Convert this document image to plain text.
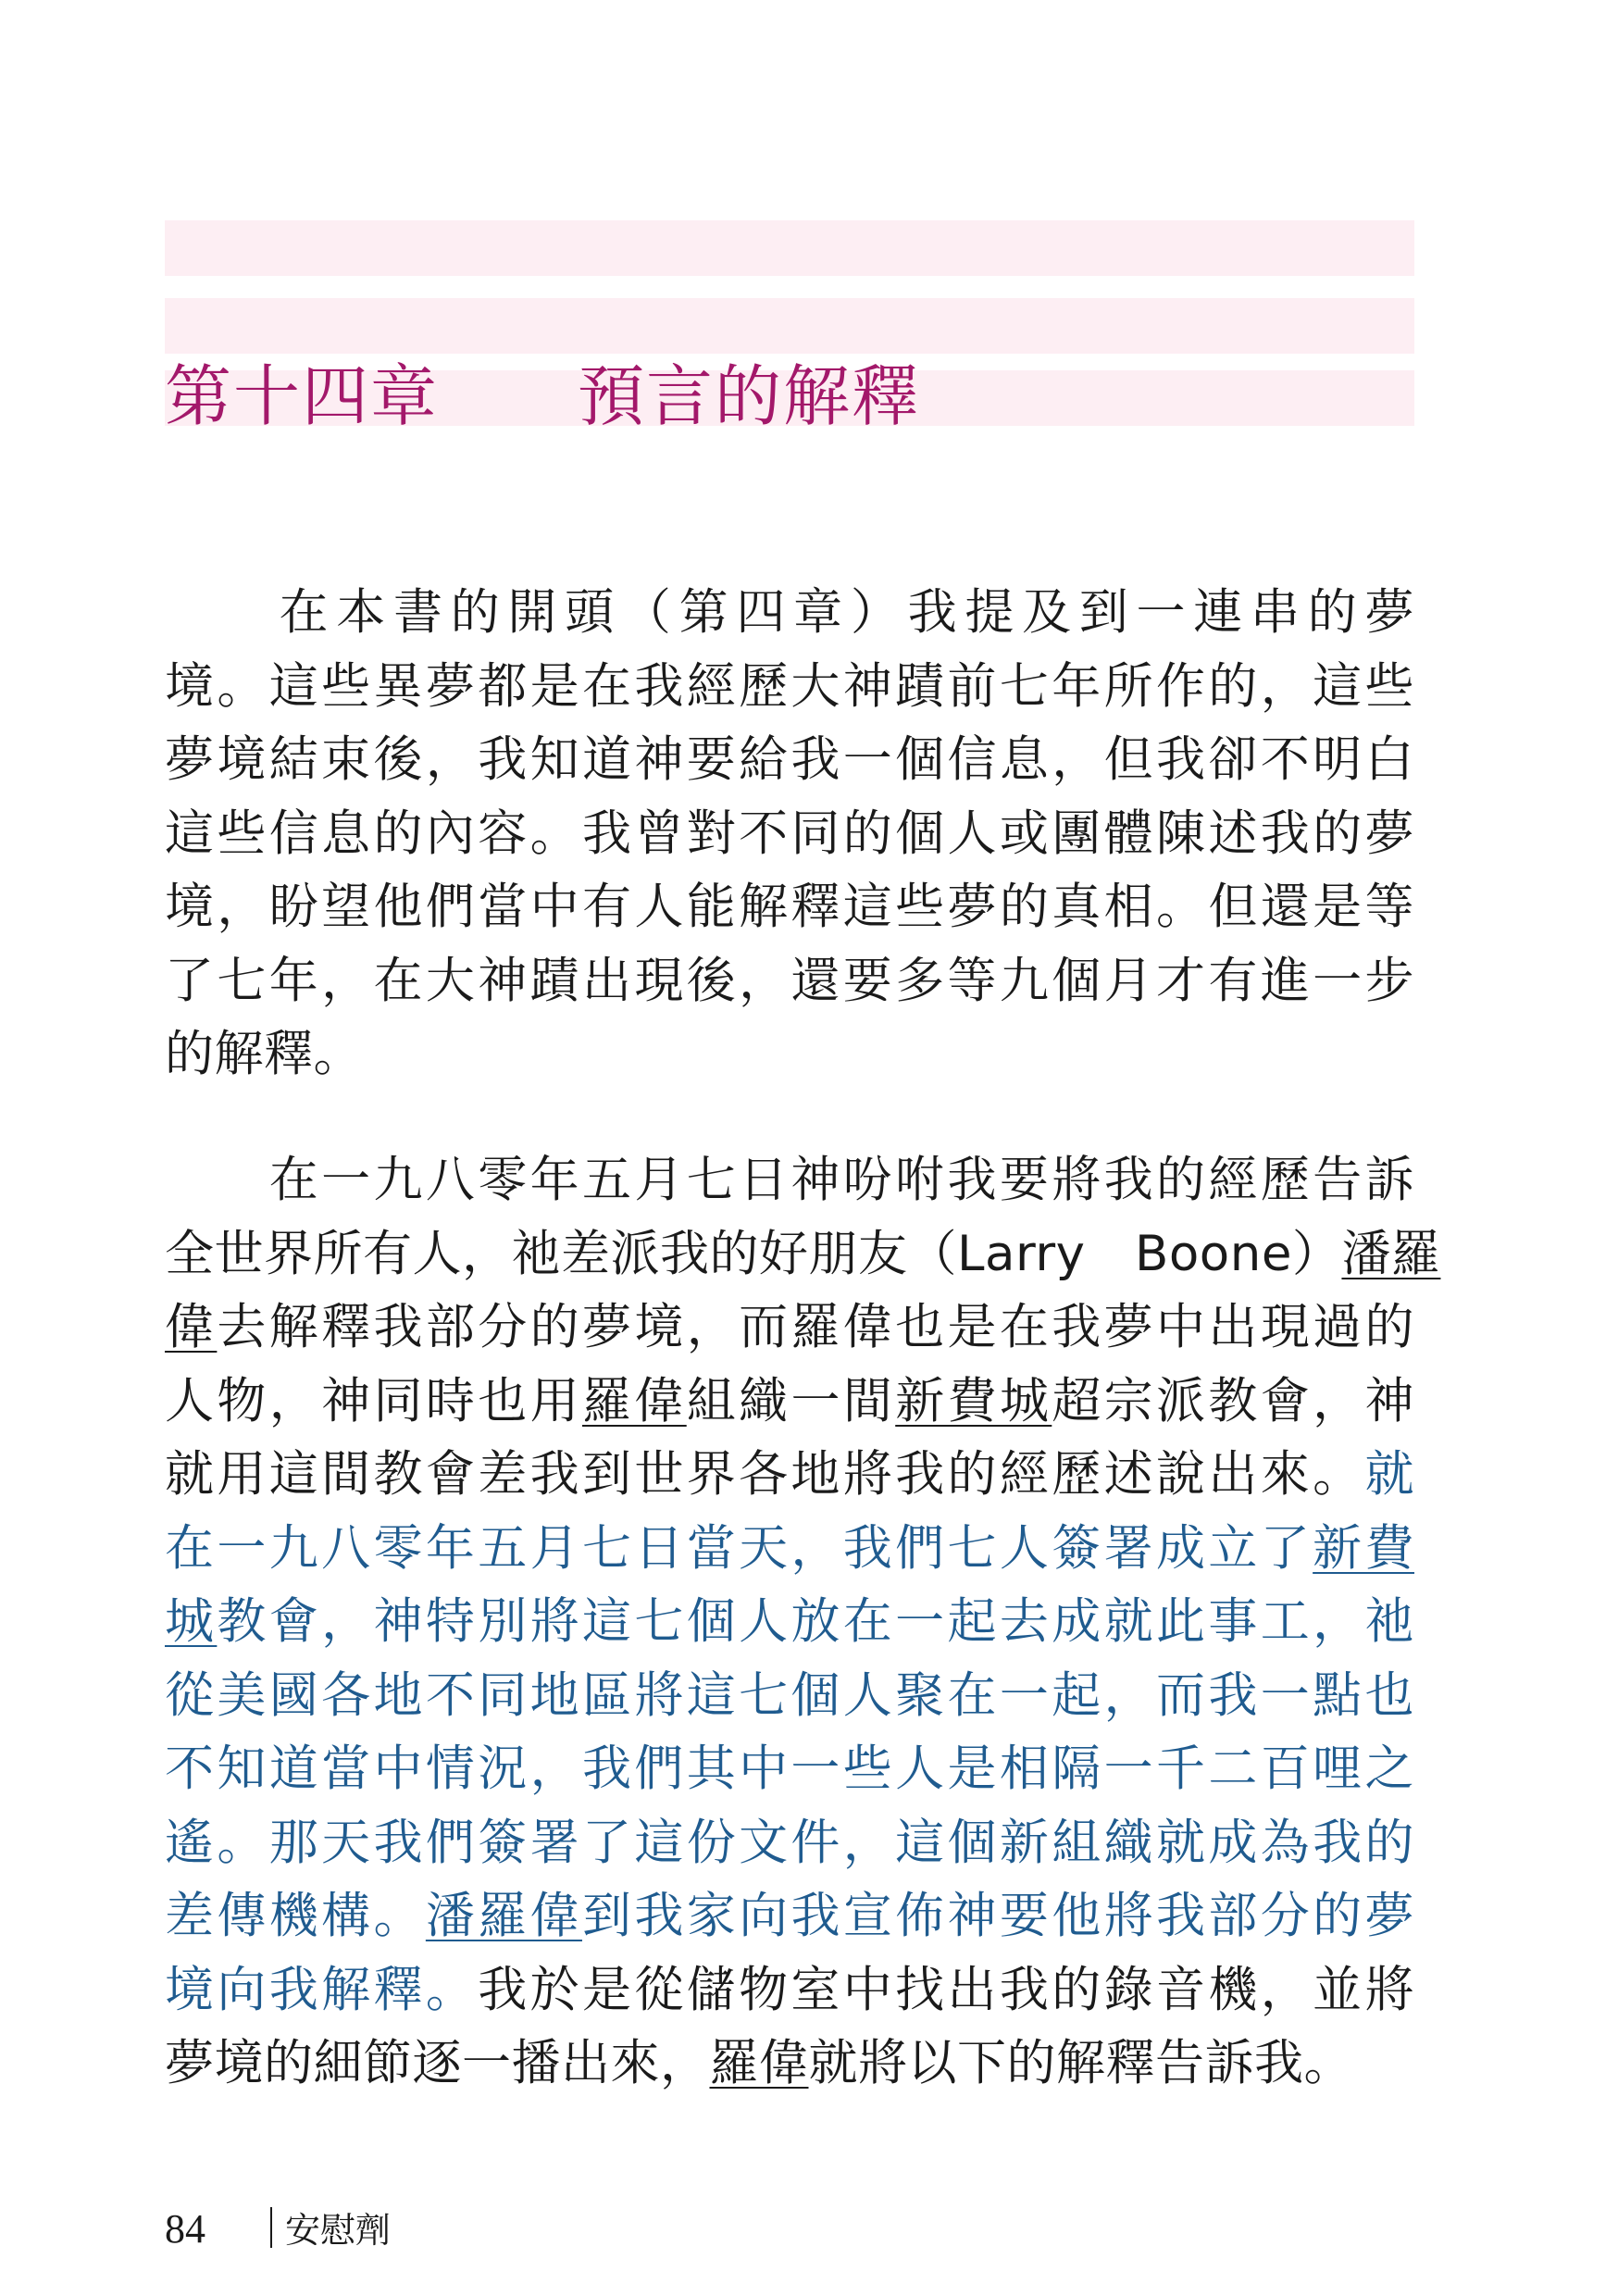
第十四章 預言的解釋
　　在本書的開頭（第四章）我提及到一連串的夢
境。這些異夢都是在我經歷大神蹟前七年所作的，這些
夢境結束後，我知道神要給我一個信息，但我卻不明白
這些信息的內容。我曾對不同的個人或團體陳述我的夢
境，盼望他們當中有人能解釋這些夢的真相。但還是等
了七年，在大神蹟出現後，還要多等九個月才有進一步
的解釋。
　　在一九八零年五月七日神吩咐我要將我的經歷告訴
全世界所有人，祂差派我的好朋友（Larry　Boone）潘羅
偉去解釋我部分的夢境，而羅偉也是在我夢中出現過的
人物，神同時也用羅偉組織一間新費城超宗派教會，神
就用這間教會差我到世界各地將我的經歷述說出來。就
在一九八零年五月七日當天，我們七人簽署成立了新費
城教會，神特別將這七個人放在一起去成就此事工，祂
從美國各地不同地區將這七個人聚在一起，而我一點也
不知道當中情況，我們其中一些人是相隔一千二百哩之
遙。那天我們簽署了這份文件，這個新組織就成為我的
差傳機構。潘羅偉到我家向我宣佈神要他將我部分的夢
境向我解釋。我於是從儲物室中找出我的錄音機，並將
夢境的細節逐一播出來，羅偉就將以下的解釋告訴我。
84 安慰劑
